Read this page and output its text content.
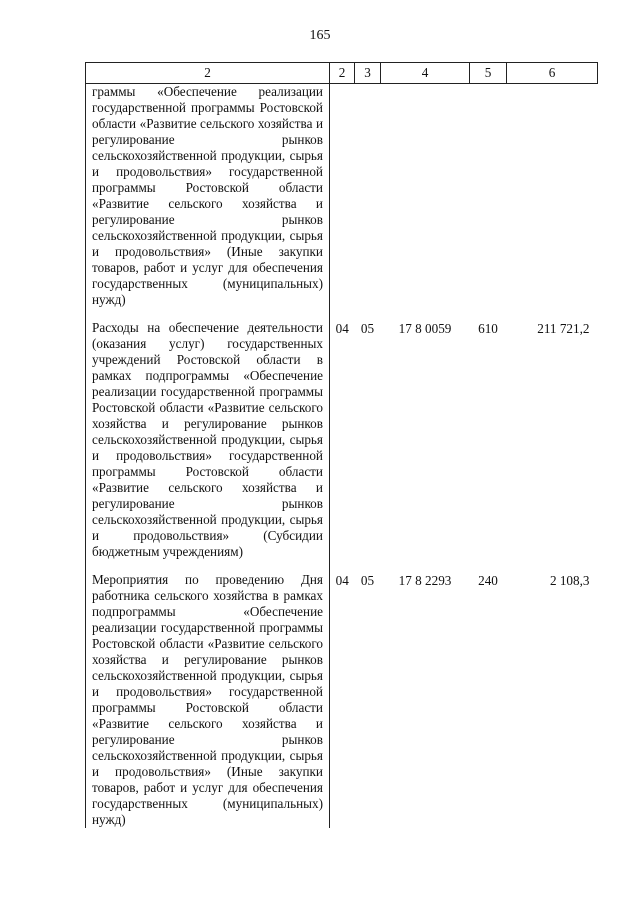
165
2	2	3	4	5	6
граммы «Обеспечение реализации государственной программы Ростовской области «Развитие сельского хозяйства и регулирование рынков сельскохозяйственной продукции, сырья и продовольствия» государственной программы Ростовской области «Развитие сельского хозяйства и регулирование рынков сельскохозяйственной продукции, сырья и продовольствия» (Иные закупки товаров, работ и услуг для обеспечения государственных (муниципальных) нужд)					
Расходы на обеспечение деятельности (оказания услуг) государственных учреждений Ростовской области в рамках подпрограммы «Обеспечение реализации государственной программы Ростовской области «Развитие сельского хозяйства и регулирование рынков сельскохозяйственной продукции, сырья и продовольствия» государственной программы Ростовской области «Развитие сельского хозяйства и регулирование рынков сельскохозяйственной продукции, сырья и продовольствия» (Субсидии бюджетным учреждениям)	04	05	17 8 0059	610	211 721,2
Мероприятия по проведению Дня работника сельского хозяйства в рамках подпрограммы «Обеспечение реализации государственной программы Ростовской области «Развитие сельского хозяйства и регулирование рынков сельскохозяйственной продукции, сырья и продовольствия» государственной программы Ростовской области «Развитие сельского хозяйства и регулирование рынков сельскохозяйственной продукции, сырья и продовольствия» (Иные закупки товаров, работ и услуг для обеспечения государственных (муниципальных) нужд)	04	05	17 8 2293	240	2 108,3
